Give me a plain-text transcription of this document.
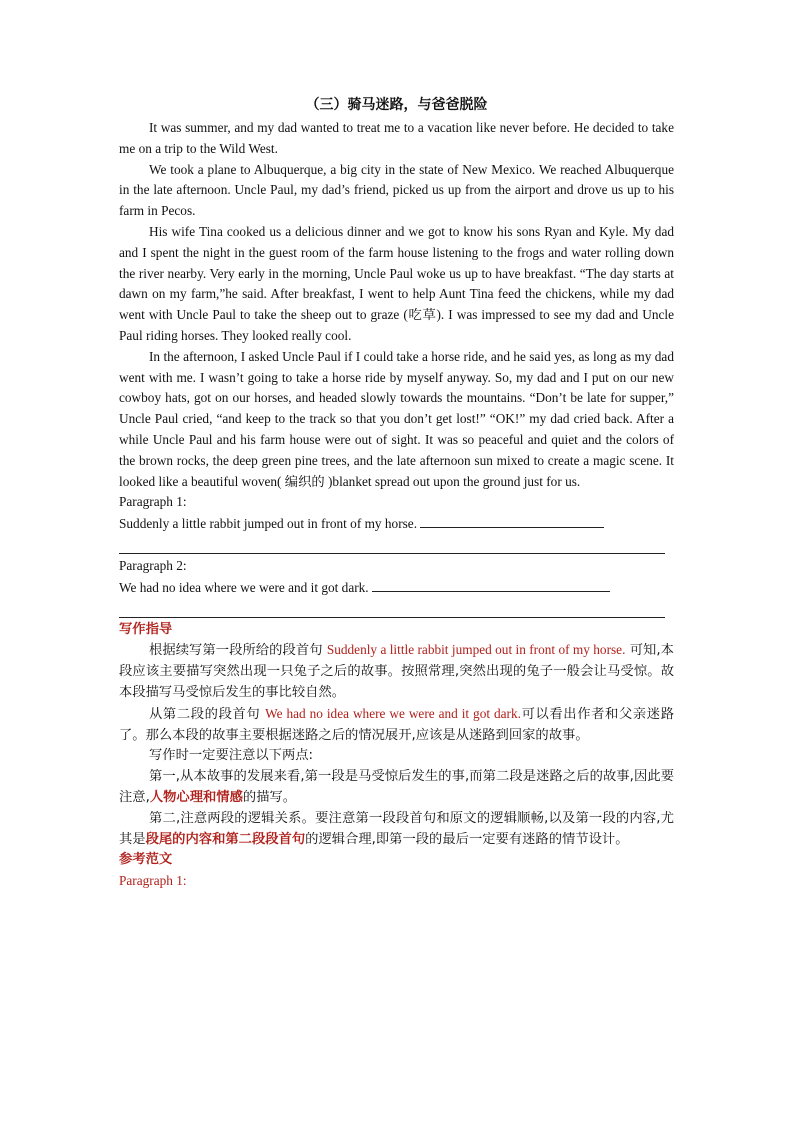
（三）骑马迷路，与爸爸脱险

It was summer, and my dad wanted to treat me to a vacation like never before. He decided to take me on a trip to the Wild West.

We took a plane to Albuquerque, a big city in the state of New Mexico. We reached Albuquerque in the late afternoon. Uncle Paul, my dad’s friend, picked us up from the airport and drove us up to his farm in Pecos.

His wife Tina cooked us a delicious dinner and we got to know his sons Ryan and Kyle. My dad and I spent the night in the guest room of the farm house listening to the frogs and water rolling down the river nearby. Very early in the morning, Uncle Paul woke us up to have breakfast. “The day starts at dawn on my farm,”he said. After breakfast, I went to help Aunt Tina feed the chickens, while my dad went with Uncle Paul to take the sheep out to graze (吃草). I was impressed to see my dad and Uncle Paul riding horses. They looked really cool.

In the afternoon, I asked Uncle Paul if I could take a horse ride, and he said yes, as long as my dad went with me. I wasn’t going to take a horse ride by myself anyway. So, my dad and I put on our new cowboy hats, got on our horses, and headed slowly towards the mountains. “Don’t be late for supper,” Uncle Paul cried, “and keep to the track so that you don’t get lost!” “OK!” my dad cried back. After a while Uncle Paul and his farm house were out of sight. It was so peaceful and quiet and the colors of the brown rocks, the deep green pine trees, and the late afternoon sun mixed to create a magic scene. It looked like a beautiful woven( 编织的 )blanket spread out upon the ground just for us.

Paragraph 1:

Suddenly a little rabbit jumped out in front of my horse.

Paragraph 2:

We had no idea where we were and it got dark.

写作指导

根据续写第一段所给的段首句 Suddenly a little rabbit jumped out in front of my horse. 可知,本段应该主要描写突然出现一只兔子之后的故事。按照常理,突然出现的兔子一般会让马受惊。故本段描写马受惊后发生的事比较自然。

从第二段的段首句 We had no idea where we were and it got dark.可以看出作者和父亲迷路了。那么本段的故事主要根据迷路之后的情况展开,应该是从迷路到回家的故事。

写作时一定要注意以下两点:

第一,从本故事的发展来看,第一段是马受惊后发生的事,而第二段是迷路之后的故事,因此要注意,人物心理和情感的描写。

第二,注意两段的逻辑关系。要注意第一段段首句和原文的逻辑顺畅,以及第一段的内容,尤其是段尾的内容和第二段段首句的逻辑合理,即第一段的最后一定要有迷路的情节设计。

参考范文

Paragraph 1:
